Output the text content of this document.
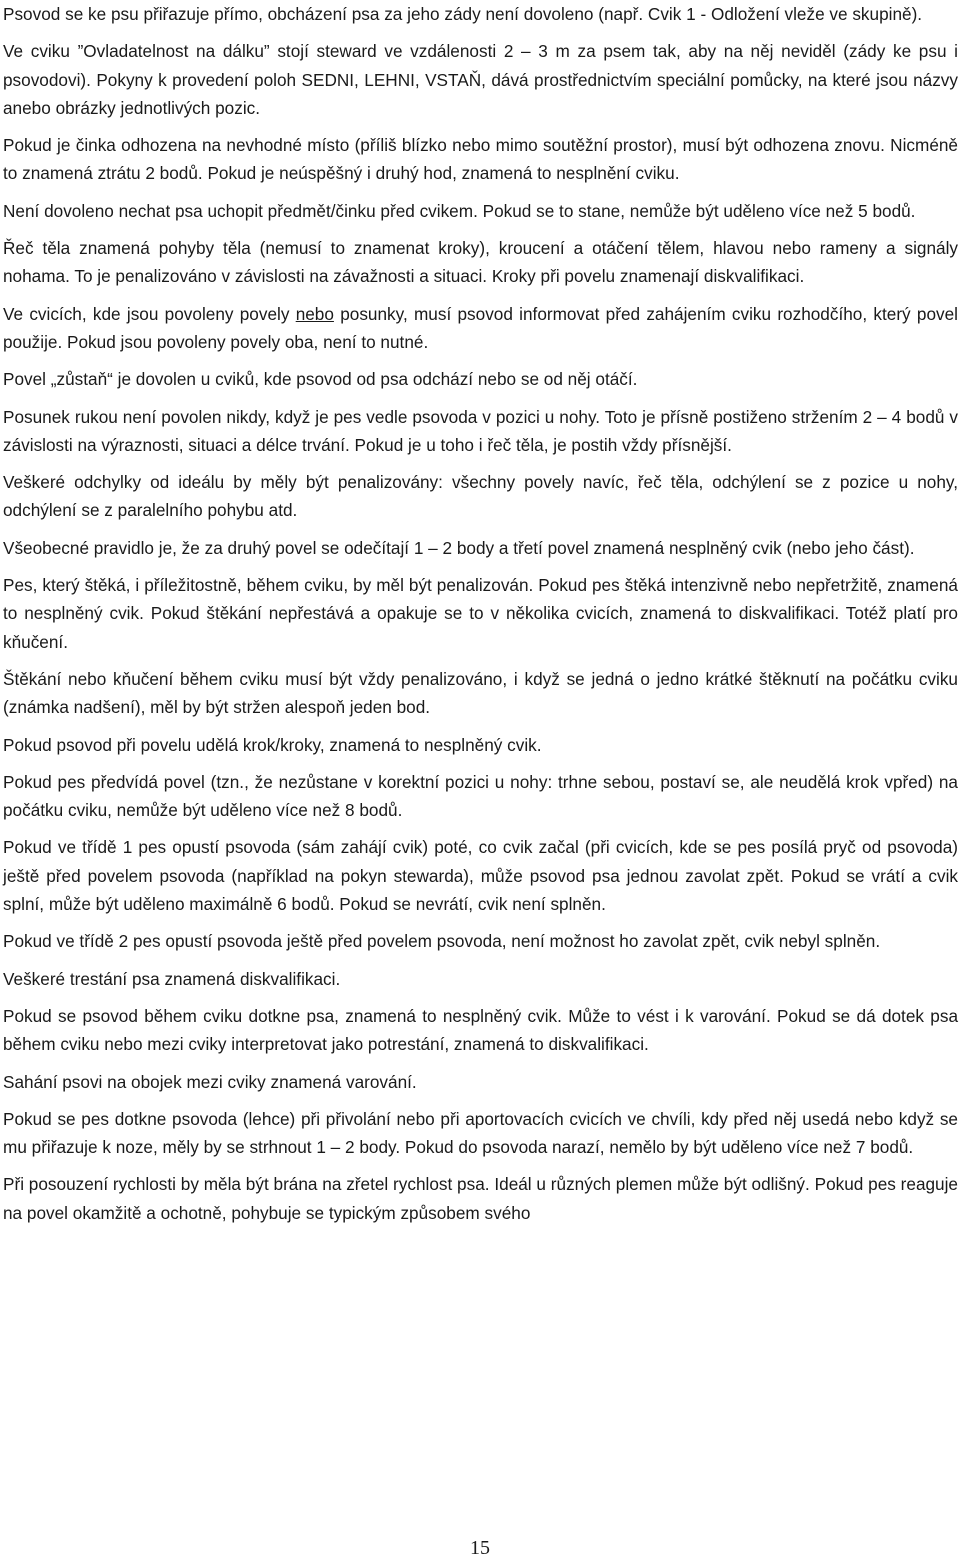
Psovod se ke psu přiřazuje přímo, obcházení psa za jeho zády není dovoleno (např. Cvik 1 - Odložení vleže ve skupině).

Ve cviku ”Ovladatelnost na dálku” stojí steward ve vzdálenosti 2 – 3 m za psem tak, aby na něj neviděl (zády ke psu i psovodovi). Pokyny k provedení poloh SEDNI, LEHNI, VSTAŇ, dává prostřednictvím speciální pomůcky, na které jsou názvy anebo obrázky jednotlivých pozic.

Pokud je činka odhozena na nevhodné místo (příliš blízko nebo mimo soutěžní prostor), musí být odhozena znovu. Nicméně to znamená ztrátu 2 bodů. Pokud je neúspěšný i druhý hod, znamená to nesplnění cviku.

Není dovoleno nechat psa uchopit předmět/činku před cvikem. Pokud se to stane, nemůže být uděleno více než 5 bodů.

Řeč těla znamená pohyby těla (nemusí to znamenat kroky), kroucení a otáčení tělem, hlavou nebo rameny a signály nohama. To je penalizováno v závislosti na závažnosti a situaci. Kroky při povelu znamenají diskvalifikaci.

Ve cvicích, kde jsou povoleny povely nebo posunky, musí psovod informovat před zahájením cviku rozhodčího, který povel použije. Pokud jsou povoleny povely oba, není to nutné.

Povel „zůstaň“ je dovolen u cviků, kde psovod od psa odchází nebo se od něj otáčí.

Posunek rukou není povolen nikdy, když je pes vedle psovoda v pozici u nohy. Toto je přísně postiženo stržením 2 – 4 bodů v závislosti na výraznosti, situaci a délce trvání. Pokud je u toho i řeč těla, je postih vždy přísnější.

Veškeré odchylky od ideálu by měly být penalizovány: všechny povely navíc, řeč těla, odchýlení se z pozice u nohy, odchýlení se z paralelního pohybu atd.

Všeobecné pravidlo je, že za druhý povel se odečítají 1 – 2 body a třetí povel znamená nesplněný cvik (nebo jeho část).

Pes, který štěká, i příležitostně, během cviku, by měl být penalizován. Pokud pes štěká intenzivně nebo nepřetržitě, znamená to nesplněný cvik. Pokud štěkání nepřestává a opakuje se to v několika cvicích, znamená to diskvalifikaci. Totéž platí pro kňučení.

Štěkání nebo kňučení během cviku musí být vždy penalizováno, i když se jedná o jedno krátké štěknutí na počátku cviku (známka nadšení), měl by být stržen alespoň jeden bod.

Pokud psovod při povelu udělá krok/kroky, znamená to nesplněný cvik.

Pokud pes předvídá povel (tzn., že nezůstane v korektní pozici u nohy: trhne sebou, postaví se, ale neudělá krok vpřed) na počátku cviku, nemůže být uděleno více než 8 bodů.

Pokud ve třídě 1 pes opustí psovoda (sám zahájí cvik) poté, co cvik začal (při cvicích, kde se pes posílá pryč od psovoda) ještě před povelem psovoda (například na pokyn stewarda), může psovod psa jednou zavolat zpět. Pokud se vrátí a cvik splní, může být uděleno maximálně 6 bodů. Pokud se nevrátí, cvik není splněn.

Pokud ve třídě 2 pes opustí psovoda ještě před povelem psovoda, není možnost ho zavolat zpět, cvik nebyl splněn.

Veškeré trestání psa znamená diskvalifikaci.

Pokud se psovod během cviku dotkne psa, znamená to nesplněný cvik. Může to vést i k varování. Pokud se dá dotek psa během cviku nebo mezi cviky interpretovat jako potrestání, znamená to diskvalifikaci.

Sahání psovi na obojek mezi cviky znamená varování.

Pokud se pes dotkne psovoda (lehce) při přivolání nebo při aportovacích cvicích ve chvíli, kdy před něj usedá nebo když se mu přiřazuje k noze, měly by se strhnout 1 – 2 body. Pokud do psovoda narazí, nemělo by být uděleno více než 7 bodů.

Při posouzení rychlosti by měla být brána na zřetel rychlost psa. Ideál u různých plemen může být odlišný. Pokud pes reaguje na povel okamžitě a ochotně, pohybuje se typickým způsobem svého

15
